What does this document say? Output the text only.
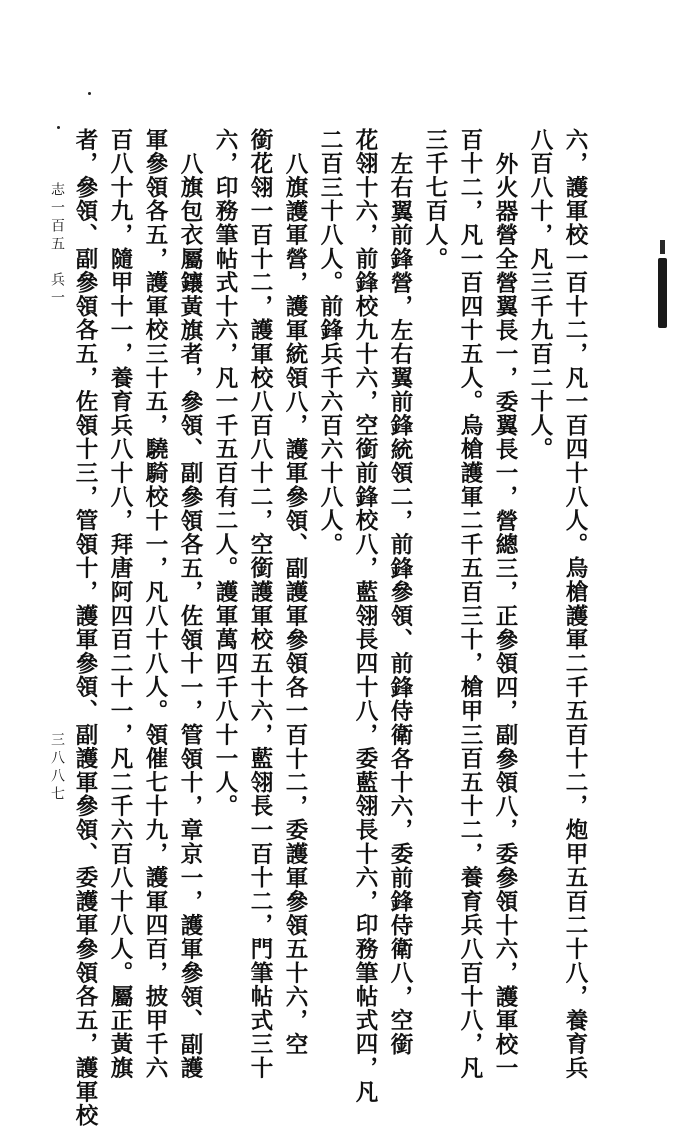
六，護軍校一百十二，凡一百四十八人。烏槍護軍二千五百十二，炮甲五百二十八，養育兵
八百八十，凡三千九百二十人。
外火器營全營翼長一，委翼長一，營總三，正參領四，副參領八，委參領十六，護軍校一
百十二，凡一百四十五人。烏槍護軍二千五百三十，槍甲三百五十二，養育兵八百十八，凡
三千七百人。
左右翼前鋒營，左右翼前鋒統領二，前鋒參領、前鋒侍衛各十六，委前鋒侍衛八，空銜
花翎十六，前鋒校九十六，空銜前鋒校八，藍翎長四十八，委藍翎長十六，印務筆帖式四，凡
二百三十八人。前鋒兵千六百六十八人。
八旗護軍營，護軍統領八，護軍參領、副護軍參領各一百十二，委護軍參領五十六，空
銜花翎一百十二，護軍校八百八十二，空銜護軍校五十六，藍翎長一百十二，門筆帖式三十
六，印務筆帖式十六，凡一千五百有二人。護軍萬四千八十一人。
八旗包衣屬鑲黃旗者，參領、副參領各五，佐領十一，管領十，章京一，護軍參領、副護
軍參領各五，護軍校三十五，驍騎校十一，凡八十八人。領催七十九，護軍四百，披甲千六
百八十九，隨甲十一，養育兵八十八，拜唐阿四百二十一，凡二千六百八十八人。屬正黃旗
者，參領、副參領各五，佐領十三，管領十，護軍參領、副護軍參領、委護軍參領各五，護軍校
志一百五　兵一
三八八七
